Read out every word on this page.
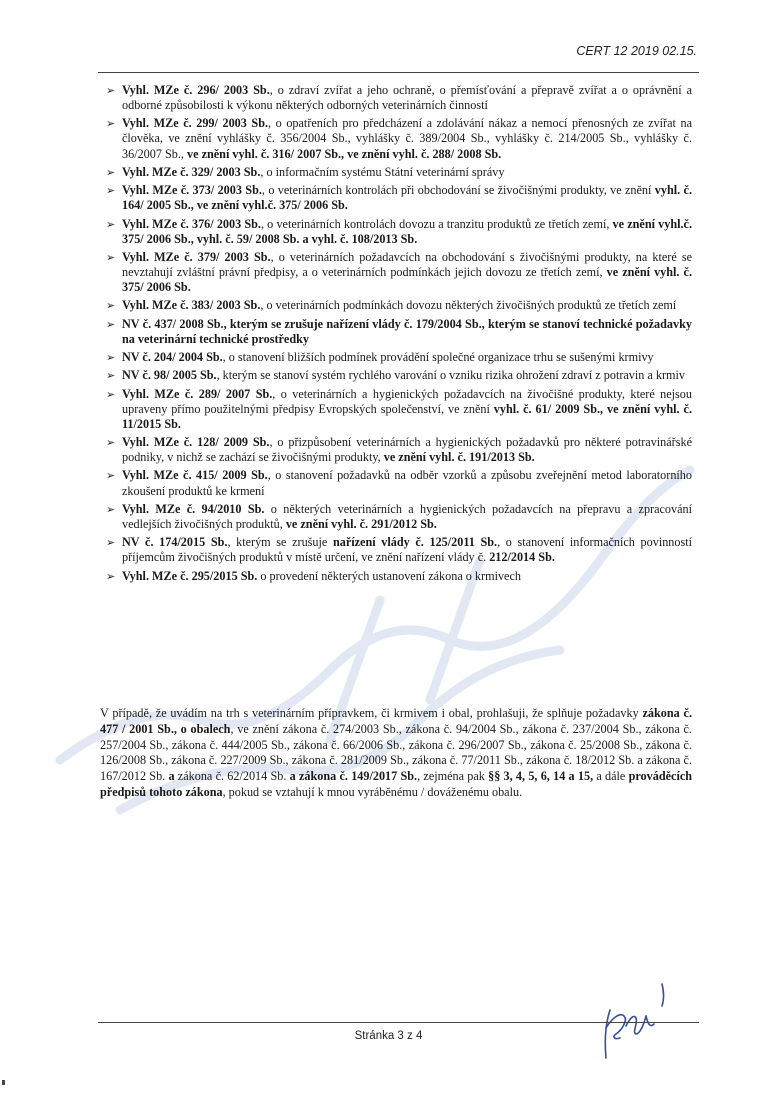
CERT 12 2019 02.15.
➢ Vyhl. MZe č. 296/ 2003 Sb., o zdraví zvířat a jeho ochraně, o přemísťování a přepravě zvířat a o oprávnění a odborné způsobilosti k výkonu některých odborných veterinárních činností
➢ Vyhl. MZe č. 299/ 2003 Sb., o opatřeních pro předcházení a zdolávání nákaz a nemocí přenosných ze zvířat na člověka, ve znění vyhlášky č. 356/2004 Sb., vyhlášky č. 389/2004 Sb., vyhlášky č. 214/2005 Sb., vyhlášky č. 36/2007 Sb., ve znění vyhl. č. 316/ 2007 Sb., ve znění vyhl. č. 288/ 2008 Sb.
➢ Vyhl. MZe č. 329/ 2003 Sb., o informačním systému Státní veterinární správy
➢ Vyhl. MZe č. 373/ 2003 Sb., o veterinárních kontrolách při obchodování se živočišnými produkty, ve znění vyhl. č. 164/ 2005 Sb., ve znění vyhl.č. 375/ 2006 Sb.
➢ Vyhl. MZe č. 376/ 2003 Sb., o veterinárních kontrolách dovozu a tranzitu produktů ze třetích zemí, ve znění vyhl.č. 375/ 2006 Sb., vyhl. č. 59/ 2008 Sb. a vyhl. č. 108/2013 Sb.
➢ Vyhl. MZe č. 379/ 2003 Sb., o veterinárních požadavcích na obchodování s živočišnými produkty, na které se nevztahují zvláštní právní předpisy, a o veterinárních podmínkách jejich dovozu ze třetích zemí, ve znění vyhl. č. 375/ 2006 Sb.
➢ Vyhl. MZe č. 383/ 2003 Sb., o veterinárních podmínkách dovozu některých živočišných produktů ze třetích zemí
➢ NV č. 437/ 2008 Sb., kterým se zrušuje nařízení vlády č. 179/2004 Sb., kterým se stanoví technické požadavky na veterinární technické prostředky
➢ NV č. 204/ 2004 Sb., o stanovení bližších podmínek provádění společné organizace trhu se sušenými krmivy
➢ NV č. 98/ 2005 Sb., kterým se stanoví systém rychlého varování o vzniku rizika ohrožení zdraví z potravin a krmiv
➢ Vyhl. MZe č. 289/ 2007 Sb., o veterinárních a hygienických požadavcích na živočišné produkty, které nejsou upraveny přímo použitelnými předpisy Evropských společenství, ve znění vyhl. č. 61/ 2009 Sb., ve znění vyhl. č. 11/2015 Sb.
➢ Vyhl. MZe č. 128/ 2009 Sb., o přizpůsobení veterinárních a hygienických požadavků pro některé potravinářské podniky, v nichž se zachází se živočišnými produkty, ve znění vyhl. č. 191/2013 Sb.
➢ Vyhl. MZe č. 415/ 2009 Sb., o stanovení požadavků na odběr vzorků a způsobu zveřejnění metod laboratorního zkoušení produktů ke krmení
➢ Vyhl. MZe č. 94/2010 Sb. o některých veterinárních a hygienických požadavcích na přepravu a zpracování vedlejších živočišných produktů, ve znění vyhl. č. 291/2012 Sb.
➢ NV č. 174/2015 Sb., kterým se zrušuje nařízení vlády č. 125/2011 Sb., o stanovení informačních povinností příjemcům živočišných produktů v místě určení, ve znění nařízení vlády č. 212/2014 Sb.
➢ Vyhl. MZe č. 295/2015 Sb. o provedení některých ustanovení zákona o krmivech

V případě, že uvádím na trh s veterinárním přípravkem, či krmivem i obal, prohlašuji, že splňuje požadavky zákona č. 477 / 2001 Sb., o obalech, ve znění zákona č. 274/2003 Sb., zákona č. 94/2004 Sb., zákona č. 237/2004 Sb., zákona č. 257/2004 Sb., zákona č. 444/2005 Sb., zákona č. 66/2006 Sb., zákona č. 296/2007 Sb., zákona č. 25/2008 Sb., zákona č. 126/2008 Sb., zákona č. 227/2009 Sb., zákona č. 281/2009 Sb., zákona č. 77/2011 Sb., zákona č. 18/2012 Sb. a zákona č. 167/2012 Sb. a zákona č. 62/2014 Sb. a zákona č. 149/2017 Sb., zejména pak §§ 3, 4, 5, 6, 14 a 15, a dále prováděcích předpisů tohoto zákona, pokud se vztahují k mnou vyráběnému / dováženému obalu.

Stránka 3 z 4
